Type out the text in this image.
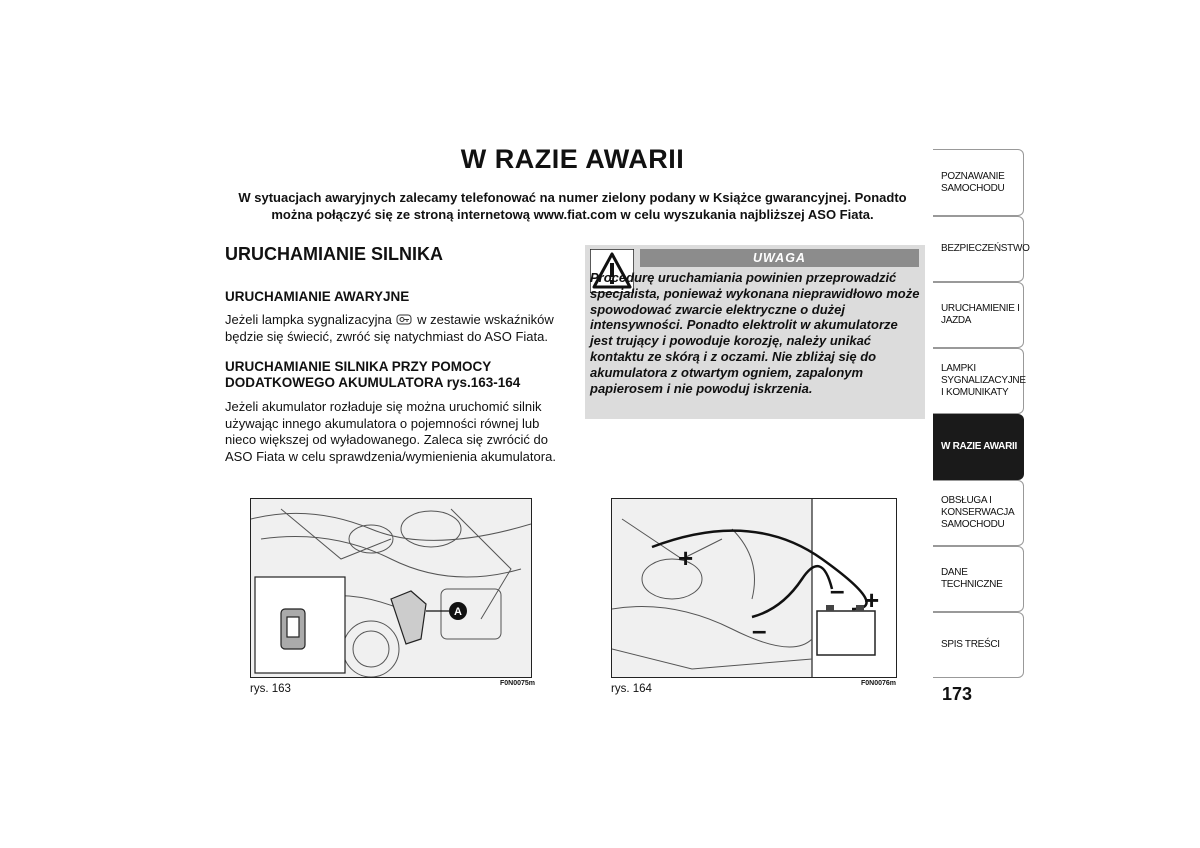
W RAZIE AWARII
W sytuacjach awaryjnych zalecamy telefonować na numer zielony podany w Książce gwarancyjnej. Ponadto można połączyć się ze stroną internetową www.fiat.com w celu wyszukania najbliższej ASO Fiata.
URUCHAMIANIE SILNIKA
URUCHAMIANIE AWARYJNE
Jeżeli lampka sygnalizacyjna w zestawie wskaźników będzie się świecić, zwróć się natychmiast do ASO Fiata.
URUCHAMIANIE SILNIKA PRZY POMOCY DODATKOWEGO AKUMULATORA rys.163-164
Jeżeli akumulator rozładuje się można uruchomić silnik używając innego akumulatora o pojemności równej lub nieco większej od wyładowanego. Zaleca się zwrócić do ASO Fiata w celu sprawdzenia/wymienienia akumulatora.
UWAGA
Procedurę uruchamiania powinien przeprowadzić specjalista, ponieważ wykonana nieprawidłowo może spowodować zwarcie elektryczne o dużej intensywności. Ponadto elektrolit w akumulatorze jest trujący i powoduje korozję, należy unikać kontaktu ze skórą i z oczami. Nie zbliżaj się do akumulatora z otwartym ogniem, zapalonym papierosem i nie powoduj iskrzenia.
A
rys. 163	F0N0075m
+
+
–
–
rys. 164	F0N0076m
POZNAWANIE SAMOCHODU
BEZPIECZEŃSTWO
URUCHAMIENIE I JAZDA
LAMPKI SYGNALIZACYJNE I KOMUNIKATY
W RAZIE AWARII
OBSŁUGA I KONSERWACJA SAMOCHODU
DANE TECHNICZNE
SPIS TREŚCI
173
